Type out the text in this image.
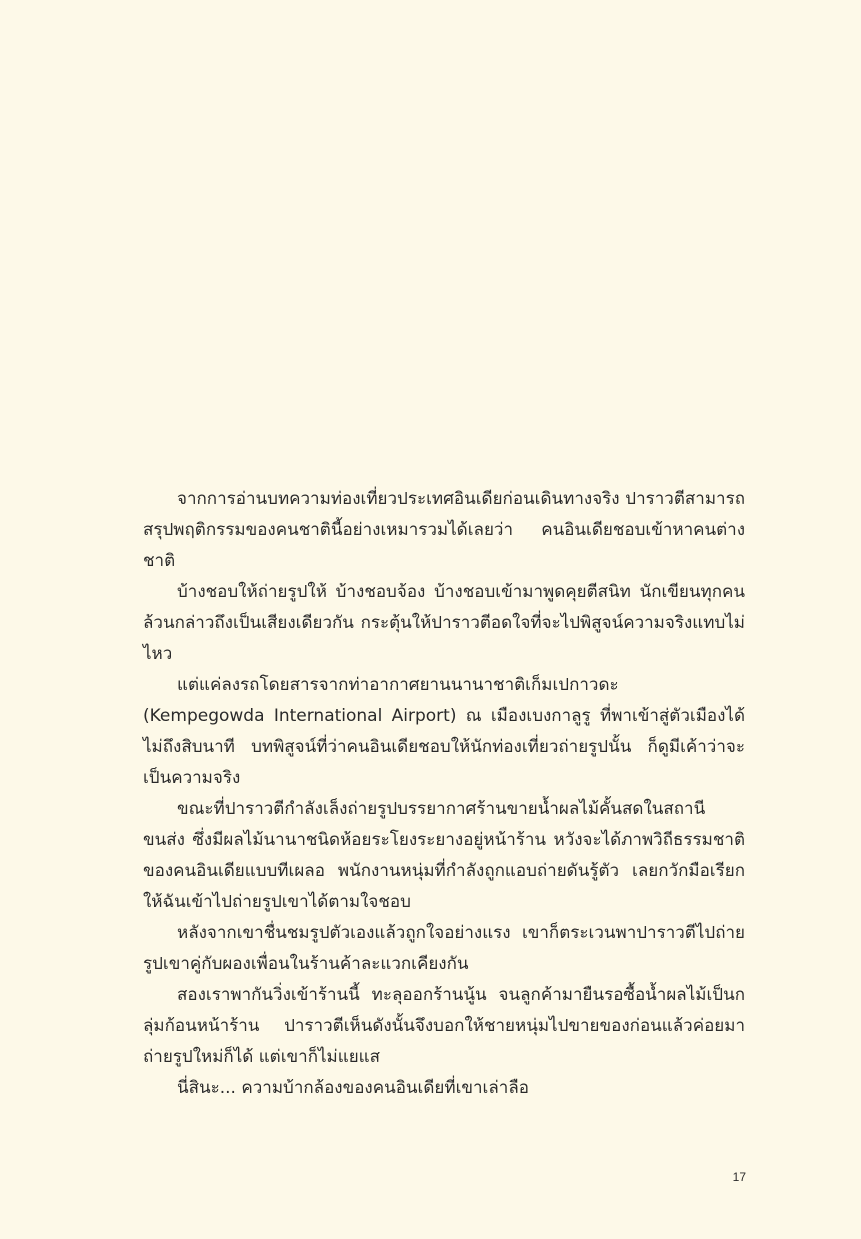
จากการอ่านบทความท่องเที่ยวประเทศอินเดียก่อนเดินทางจริง ปาราวตีสามารถสรุปพฤติกรรมของคนชาตินี้อย่างเหมารวมได้เลยว่า คนอินเดียชอบเข้าหาคนต่างชาติ

บ้างชอบให้ถ่ายรูปให้ บ้างชอบจ้อง บ้างชอบเข้ามาพูดคุยตีสนิท นักเขียนทุกคนล้วนกล่าวถึงเป็นเสียงเดียวกัน กระตุ้นให้ปาราวตีอดใจที่จะไปพิสูจน์ความจริงแทบไม่ไหว

แต่แค่ลงรถโดยสารจากท่าอากาศยานนานาชาติเก็มเปกาวดะ (Kempegowda International Airport) ณ เมืองเบงกาลูรู ที่พาเข้าสู่ตัวเมืองได้ไม่ถึงสิบนาที บทพิสูจน์ที่ว่าคนอินเดียชอบให้นักท่องเที่ยวถ่ายรูปนั้น ก็ดูมีเค้าว่าจะเป็นความจริง

ขณะที่ปาราวตีกำลังเล็งถ่ายรูปบรรยากาศร้านขายน้ำผลไม้คั้นสดในสถานีขนส่ง ซึ่งมีผลไม้นานาชนิดห้อยระโยงระยางอยู่หน้าร้าน หวังจะได้ภาพวิถีธรรมชาติของคนอินเดียแบบทีเผลอ พนักงานหนุ่มที่กำลังถูกแอบถ่ายดันรู้ตัว เลยกวักมือเรียกให้ฉันเข้าไปถ่ายรูปเขาได้ตามใจชอบ

หลังจากเขาชื่นชมรูปตัวเองแล้วถูกใจอย่างแรง เขาก็ตระเวนพาปาราวตีไปถ่ายรูปเขาคู่กับผองเพื่อนในร้านค้าละแวกเคียงกัน

สองเราพากันวิ่งเข้าร้านนี้ ทะลุออกร้านนู้น จนลูกค้ามายืนรอซื้อน้ำผลไม้เป็นกลุ่มก้อนหน้าร้าน ปาราวตีเห็นดังนั้นจึงบอกให้ชายหนุ่มไปขายของก่อนแล้วค่อยมาถ่ายรูปใหม่ก็ได้ แต่เขาก็ไม่แยแส

นี่สินะ... ความบ้ากล้องของคนอินเดียที่เขาเล่าลือ

17
